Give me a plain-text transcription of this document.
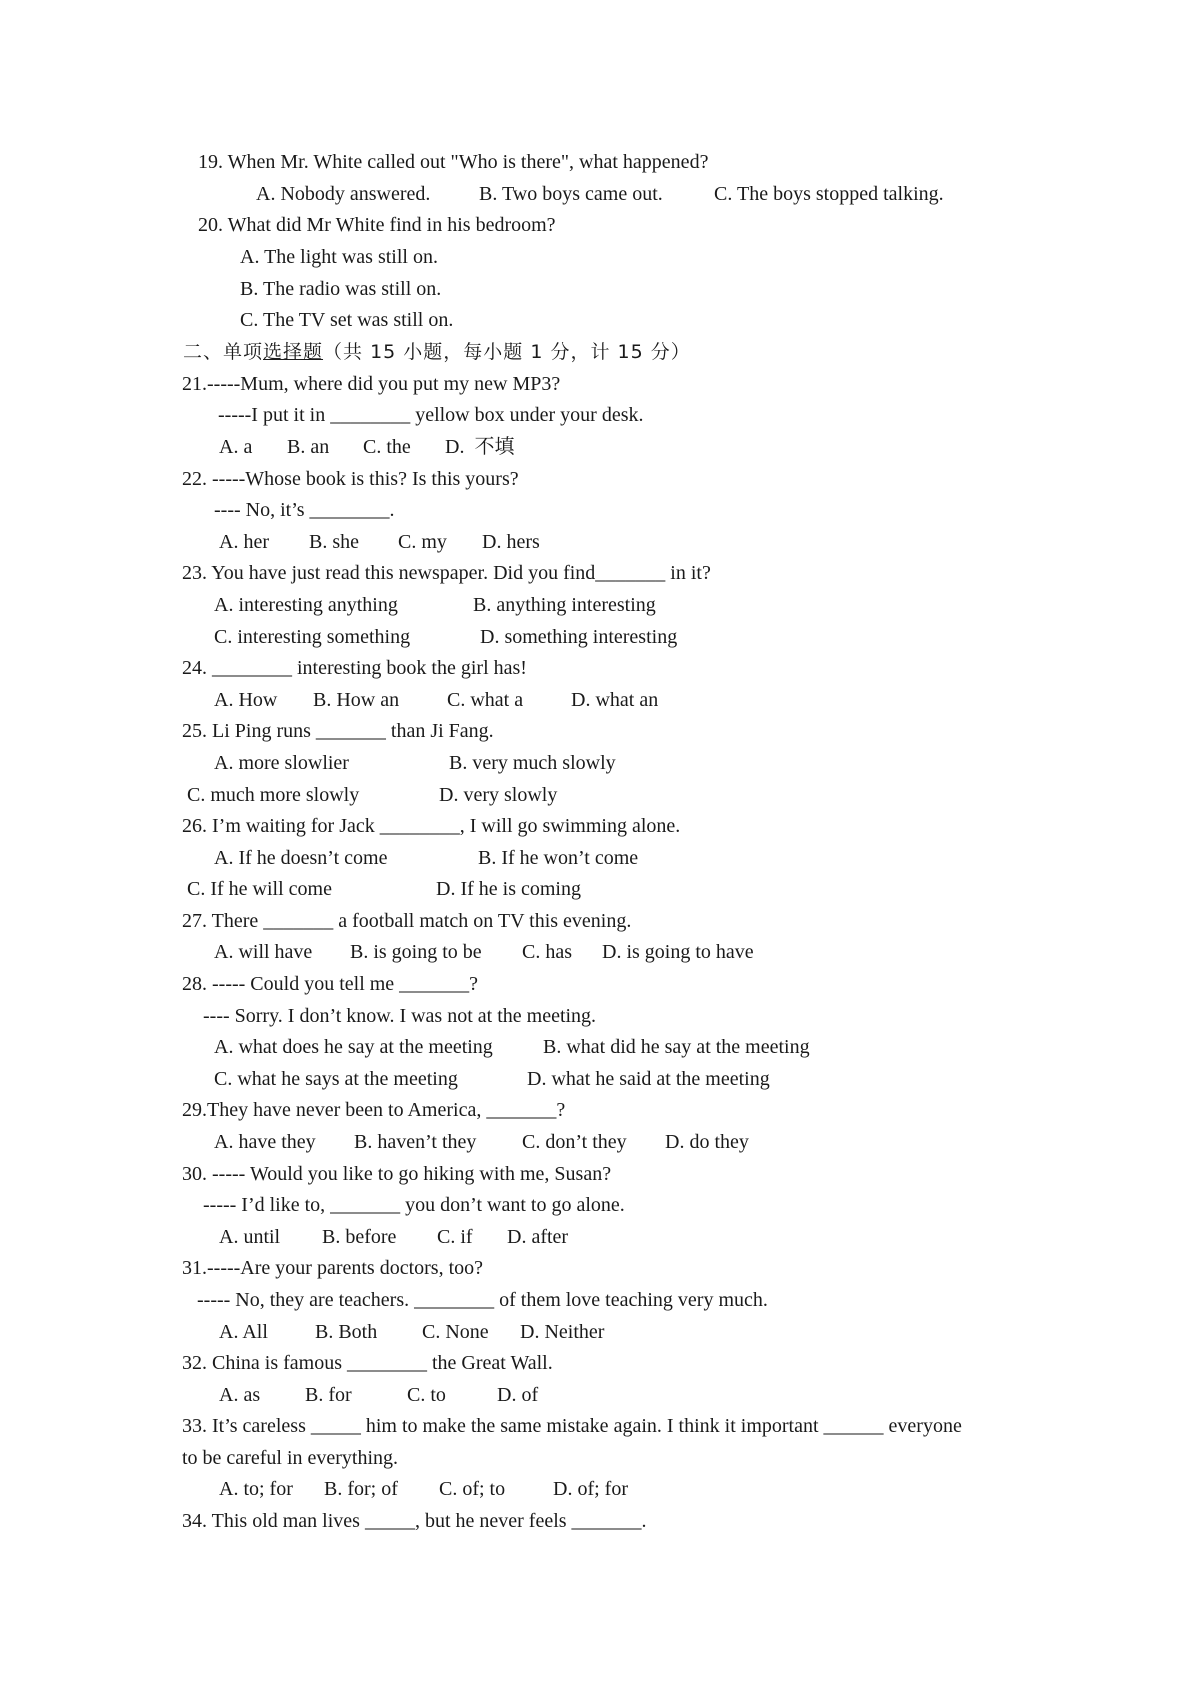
19. When Mr. White called out "Who is there", what happened?
A. Nobody answered. B. Two boys came out.	C. The boys stopped talking.
20. What did Mr White find in his bedroom?
A. The light was still on.
B. The radio was still on.
C. The TV set was still on.
二、单项选择题（共 15 小题，每小题 1 分，计 15 分）
21.-----Mum, where did you put my new MP3?
-----I put it in ________ yellow box under your desk.
A. a B. an C. the D.  不填
22. -----Whose book is this? Is this yours?
---- No, it’s ________.
A. her B. she C. my D. hers
23. You have just read this newspaper. Did you find_______ in it?
A. interesting anything	B. anything interesting
C. interesting something	D. something interesting
24. ________ interesting book the girl has!
A. How B. How an C. what a D. what an
25. Li Ping runs _______ than Ji Fang.
A. more slowlier	B. very much slowly
C. much more slowly	D. very slowly
26. I’m waiting for Jack ________, I will go swimming alone.
A. If he doesn’t come	B. If he won’t come
C. If he will come	D. If he is coming
27. There _______ a football match on TV this evening.
A. will have B. is going to be C. has D. is going to have
28. ----- Could you tell me _______?
---- Sorry. I don’t know. I was not at the meeting.
A. what does he say at the meeting	B. what did he say at the meeting
C. what he says at the meeting	D. what he said at the meeting
29.They have never been to America, _______?
A. have they B. haven’t they C. don’t they D. do they
30. ----- Would you like to go hiking with me, Susan?
----- I’d like to, _______ you don’t want to go alone.
A. until B. before C. if D. after
31.-----Are your parents doctors, too?
----- No, they are teachers. ________ of them love teaching very much.
A. All B. Both C. None D. Neither
32. China is famous ________ the Great Wall.
A. as B. for	C. to	D. of
33. It’s careless _____ him to make the same mistake again. I think it important ______ everyone
to be careful in everything.
A. to; for B. for; of C. of; to D. of; for
34. This old man lives _____, but he never feels _______.
